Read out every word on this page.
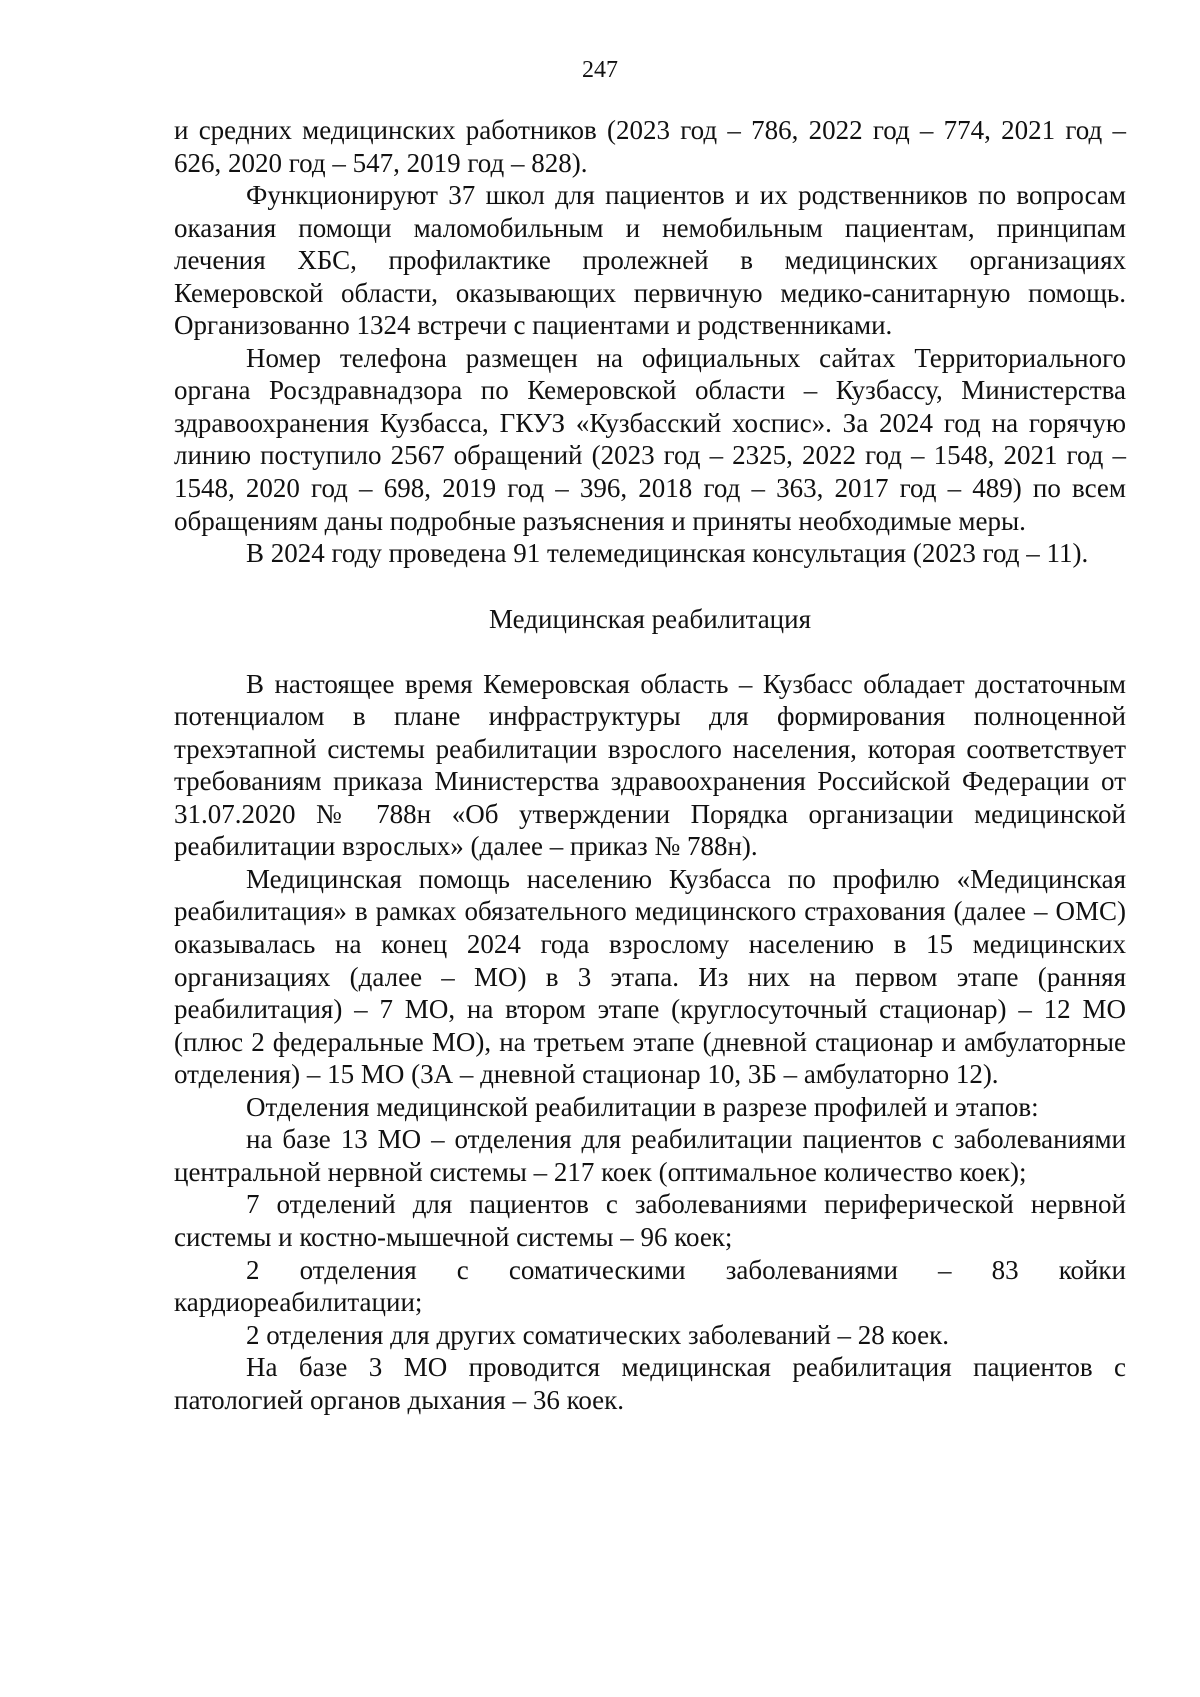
247

и средних медицинских работников (2023 год – 786, 2022 год – 774, 2021 год – 626, 2020 год – 547, 2019 год – 828).

Функционируют 37 школ для пациентов и их родственников по вопросам оказания помощи маломобильным и немобильным пациентам, принципам лечения ХБС, профилактике пролежней в медицинских организациях Кемеровской области, оказывающих первичную медико-санитарную помощь. Организованно 1324 встречи с пациентами и родственниками.

Номер телефона размещен на официальных сайтах Территориального органа Росздравнадзора по Кемеровской области – Кузбассу, Министерства здравоохранения Кузбасса, ГКУЗ «Кузбасский хоспис». За 2024 год на горячую линию поступило 2567 обращений (2023 год – 2325, 2022 год – 1548, 2021 год – 1548, 2020 год – 698, 2019 год – 396, 2018 год – 363, 2017 год – 489) по всем обращениям даны подробные разъяснения и приняты необходимые меры.

В 2024 году проведена 91 телемедицинская консультация (2023 год – 11).

Медицинская реабилитация

В настоящее время Кемеровская область – Кузбасс обладает достаточным потенциалом в плане инфраструктуры для формирования полноценной трехэтапной системы реабилитации взрослого населения, которая соответствует требованиям приказа Министерства здравоохранения Российской Федерации от 31.07.2020 № 788н «Об утверждении Порядка организации медицинской реабилитации взрослых» (далее – приказ № 788н).

Медицинская помощь населению Кузбасса по профилю «Медицинская реабилитация» в рамках обязательного медицинского страхования (далее – ОМС) оказывалась на конец 2024 года взрослому населению в 15 медицинских организациях (далее – МО) в 3 этапа. Из них на первом этапе (ранняя реабилитация) – 7 МО, на втором этапе (круглосуточный стационар) – 12 МО (плюс 2 федеральные МО), на третьем этапе (дневной стационар и амбулаторные отделения) – 15 МО (3А – дневной стационар 10, 3Б – амбулаторно 12).

Отделения медицинской реабилитации в разрезе профилей и этапов:

на базе 13 МО – отделения для реабилитации пациентов с заболеваниями центральной нервной системы – 217 коек (оптимальное количество коек);

7 отделений для пациентов с заболеваниями периферической нервной системы и костно-мышечной системы – 96 коек;

2 отделения с соматическими заболеваниями – 83 койки кардиореабилитации;

2 отделения для других соматических заболеваний – 28 коек.

На базе 3 МО проводится медицинская реабилитация пациентов с патологией органов дыхания – 36 коек.
